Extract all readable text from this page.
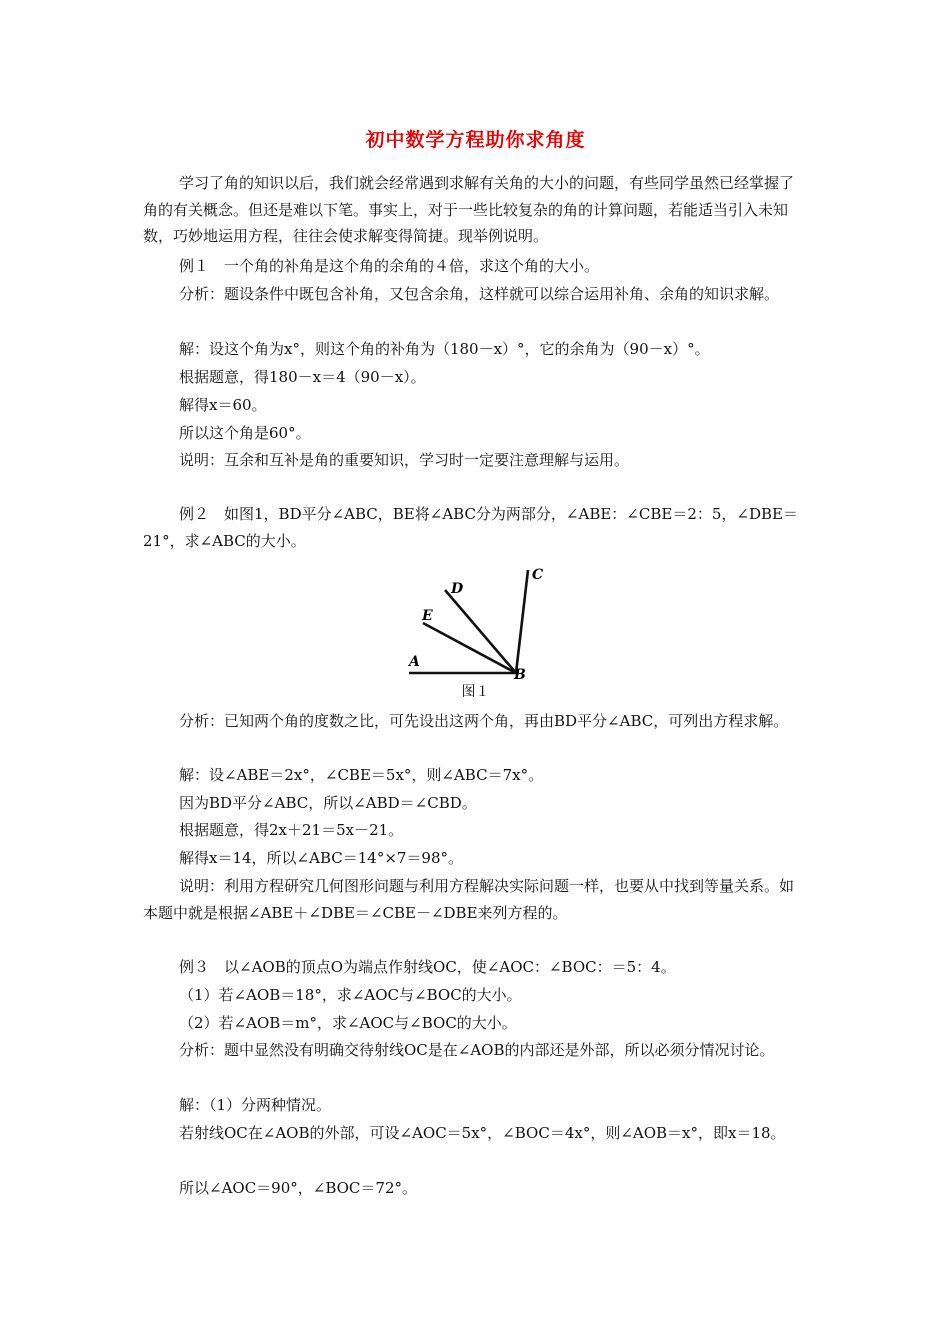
初中数学方程助你求角度

学习了角的知识以后，我们就会经常遇到求解有关角的大小的问题，有些同学虽然已经掌握了角的有关概念。但还是难以下笔。事实上，对于一些比较复杂的角的计算问题，若能适当引入未知数，巧妙地运用方程，往往会使求解变得简捷。现举例说明。

例１　一个角的补角是这个角的余角的４倍，求这个角的大小。

分析：题设条件中既包含补角，又包含余角，这样就可以综合运用补角、余角的知识求解。

解：设这个角为x°，则这个角的补角为（180－x）°，它的余角为（90－x）°。

根据题意，得180－x＝4（90－x）。

解得x＝60。

所以这个角是60°。

说明：互余和互补是角的重要知识，学习时一定要注意理解与运用。

例２　如图1，BD平分∠ABC，BE将∠ABC分为两部分，∠ABE：∠CBE＝2：5，∠DBE＝21°，求∠ABC的大小。

A
B
C
D
E
图１

分析：已知两个角的度数之比，可先设出这两个角，再由BD平分∠ABC，可列出方程求解。

解：设∠ABE＝2x°，∠CBE＝5x°，则∠ABC＝7x°。

因为BD平分∠ABC，所以∠ABD＝∠CBD。

根据题意，得2x＋21＝5x－21。

解得x＝14，所以∠ABC＝14°×7＝98°。

说明：利用方程研究几何图形问题与利用方程解决实际问题一样，也要从中找到等量关系。如本题中就是根据∠ABE＋∠DBE＝∠CBE－∠DBE来列方程的。

例３　以∠AOB的顶点O为端点作射线OC，使∠AOC：∠BOC：＝5：4。

（1）若∠AOB＝18°，求∠AOC与∠BOC的大小。

（2）若∠AOB＝m°，求∠AOC与∠BOC的大小。

分析：题中显然没有明确交待射线OC是在∠AOB的内部还是外部，所以必须分情况讨论。

解：（1）分两种情况。

若射线OC在∠AOB的外部，可设∠AOC＝5x°，∠BOC＝4x°，则∠AOB＝x°，即x＝18。

所以∠AOC＝90°，∠BOC＝72°。
